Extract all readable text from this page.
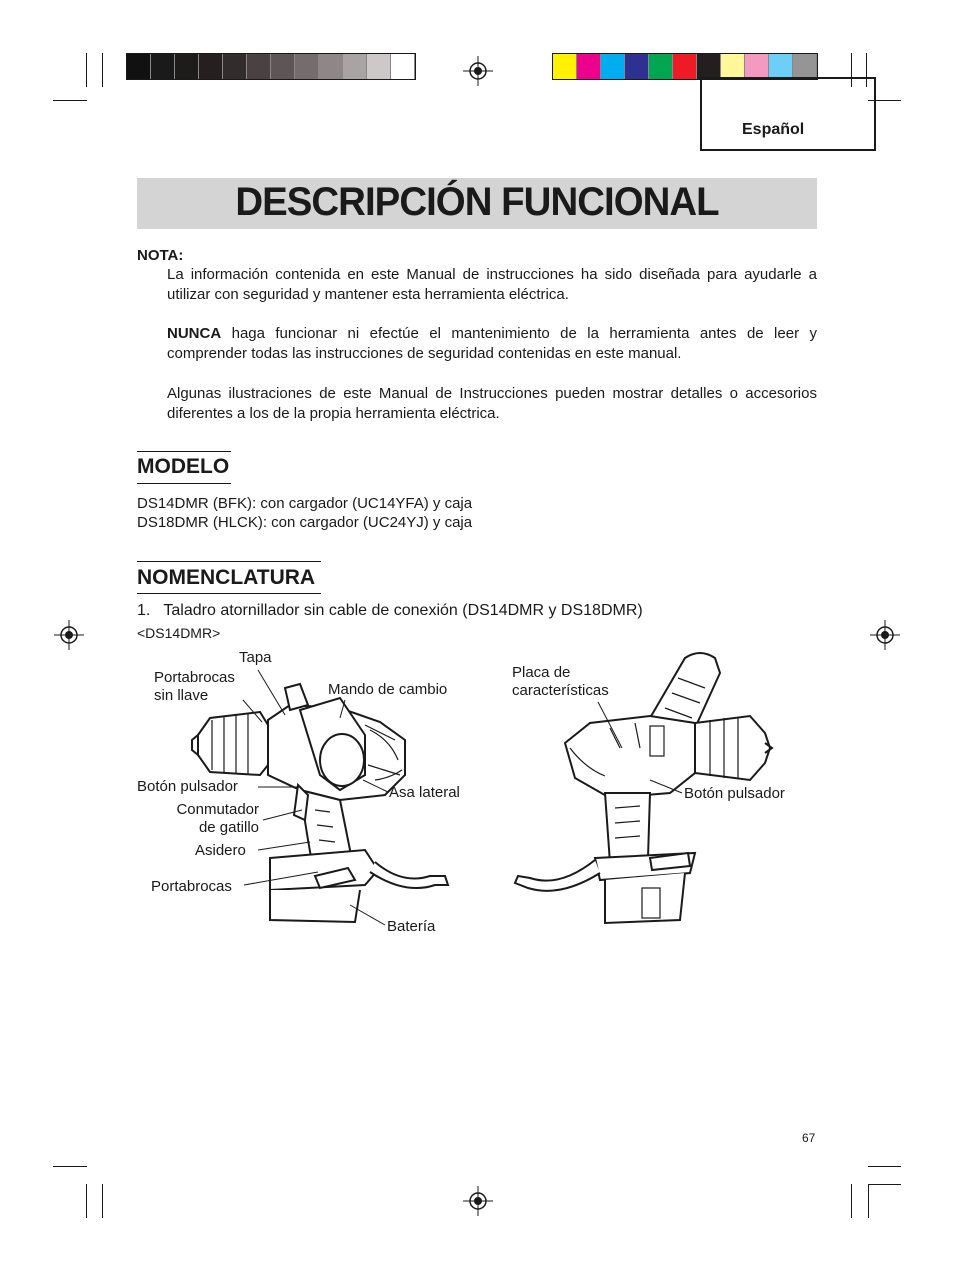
Español
DESCRIPCIÓN FUNCIONAL
NOTA:
La información contenida en este Manual de instrucciones ha sido diseñada para ayudarle a utilizar con seguridad y mantener esta herramienta eléctrica.
NUNCA haga funcionar ni efectúe el mantenimiento de la herramienta antes de leer y comprender todas las instrucciones de seguridad contenidas en este manual.
Algunas ilustraciones de este Manual de Instrucciones pueden mostrar detalles o accesorios diferentes a los de la propia herramienta eléctrica.
MODELO
DS14DMR (BFK): con cargador (UC14YFA) y caja
DS18DMR (HLCK): con cargador (UC24YJ) y caja
NOMENCLATURA
1.   Taladro atornillador sin cable de conexión (DS14DMR y DS18DMR)
<DS14DMR>
Tapa
Portabrocas
sin llave	Mando de cambio
Botón pulsador
Conmutador
de gatillo
Asidero
Asa lateral
Portabrocas
Batería
Placa de
características
Botón pulsador
67
